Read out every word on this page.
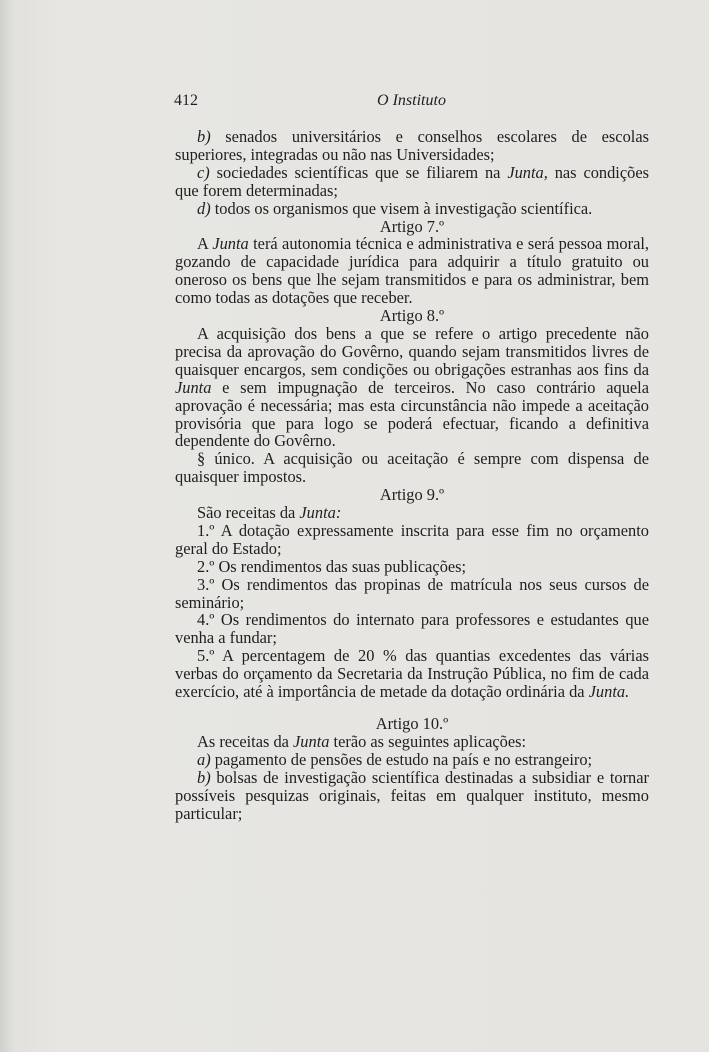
412	O Instituto

b) senados universitários e conselhos escolares de escolas superiores, integradas ou não nas Universidades;

c) sociedades scientíficas que se filiarem na Junta, nas condições que forem determinadas;

d) todos os organismos que visem à investigação scientífica.

Artigo 7.º

A Junta terá autonomia técnica e administrativa e será pessoa moral, gozando de capacidade jurídica para adquirir a título gratuito ou oneroso os bens que lhe sejam transmitidos e para os administrar, bem como todas as dotações que receber.

Artigo 8.º

A acquisição dos bens a que se refere o artigo precedente não precisa da aprovação do Govêrno, quando sejam transmitidos livres de quaisquer encargos, sem condições ou obrigações estranhas aos fins da Junta e sem impugnação de terceiros. No caso contrário aquela aprovação é necessária; mas esta circunstância não impede a aceitação provisória que para logo se poderá efectuar, ficando a definitiva dependente do Govêrno.

§ único. A acquisição ou aceitação é sempre com dispensa de quaisquer impostos.

Artigo 9.º

São receitas da Junta:

1.º A dotação expressamente inscrita para esse fim no orçamento geral do Estado;

2.º Os rendimentos das suas publicações;

3.º Os rendimentos das propinas de matrícula nos seus cursos de seminário;

4.º Os rendimentos do internato para professores e estudantes que venha a fundar;

5.º A percentagem de 20 % das quantias excedentes das várias verbas do orçamento da Secretaria da Instrução Pública, no fim de cada exercício, até à importância de metade da dotação ordinária da Junta.

Artigo 10.º

As receitas da Junta terão as seguintes aplicações:

a) pagamento de pensões de estudo na país e no estrangeiro;

b) bolsas de investigação scientífica destinadas a subsidiar e tornar possíveis pesquizas originais, feitas em qualquer instituto, mesmo particular;
